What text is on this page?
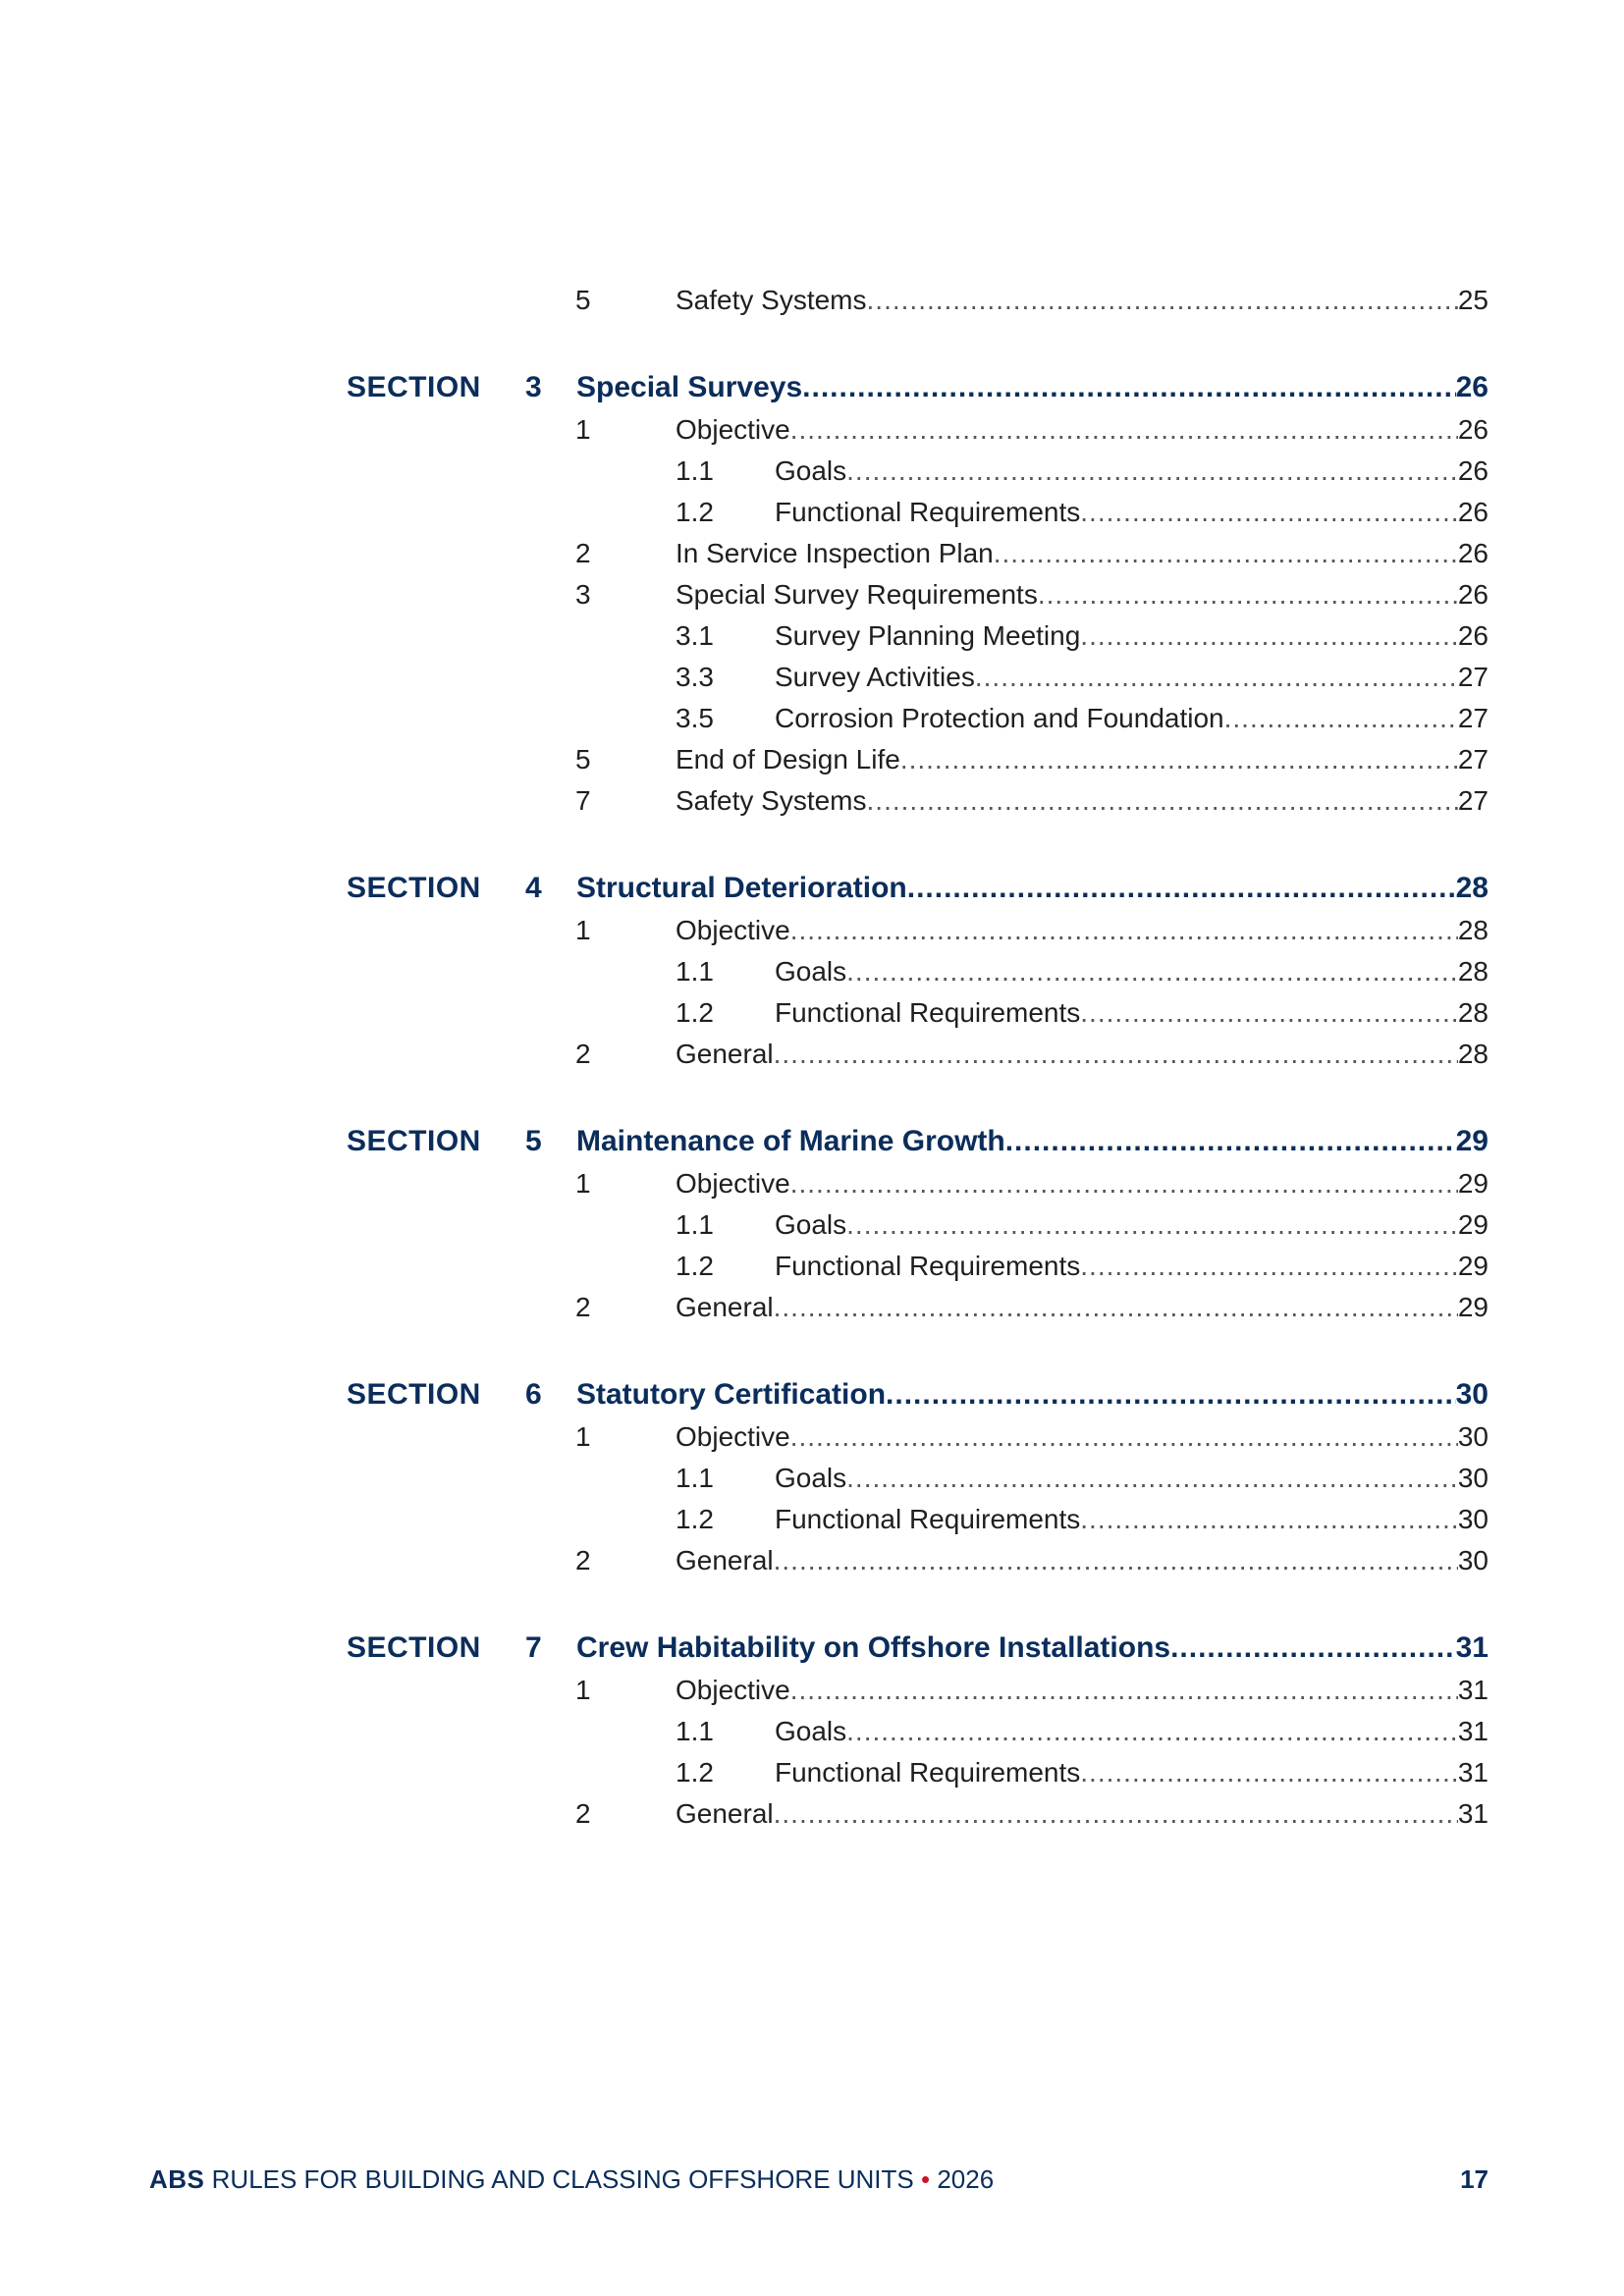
5	Safety Systems .....	25
SECTION 3 Special Surveys .....	26
1	Objective .....	26
1.1 Goals .....	26
1.2 Functional Requirements .....	26
2	In Service Inspection Plan .....	26
3	Special Survey Requirements .....	26
3.1 Survey Planning Meeting .....	26
3.3 Survey Activities .....	27
3.5 Corrosion Protection and Foundation .....	27
5	End of Design Life .....	27
7	Safety Systems .....	27
SECTION 4 Structural Deterioration .....	28
1	Objective .....	28
1.1 Goals .....	28
1.2 Functional Requirements .....	28
2	General .....	28
SECTION 5 Maintenance of Marine Growth .....	29
1	Objective .....	29
1.1 Goals .....	29
1.2 Functional Requirements .....	29
2	General .....	29
SECTION 6 Statutory Certification .....	30
1	Objective .....	30
1.1 Goals .....	30
1.2 Functional Requirements .....	30
2	General .....	30
SECTION 7 Crew Habitability on Offshore Installations .....	31
1	Objective .....	31
1.1 Goals .....	31
1.2 Functional Requirements .....	31
2	General .....	31
ABS RULES FOR BUILDING AND CLASSING OFFSHORE UNITS • 2026	17
